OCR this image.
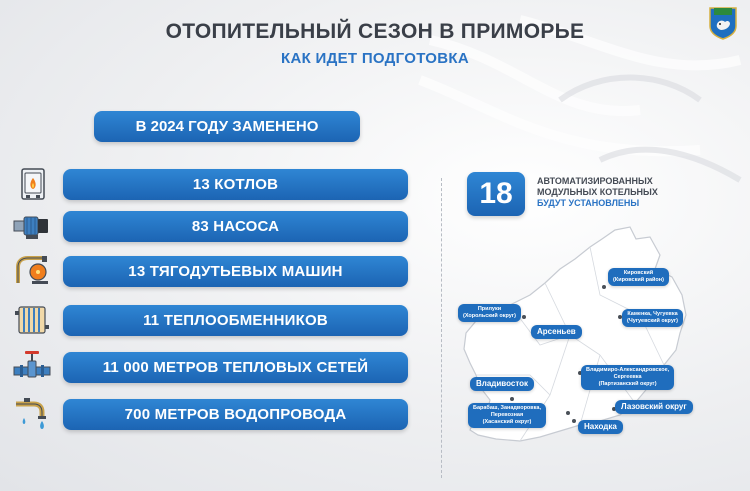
ОТОПИТЕЛЬНЫЙ СЕЗОН В ПРИМОРЬЕ
КАК ИДЕТ ПОДГОТОВКА
В 2024 ГОДУ ЗАМЕНЕНО
13 КОТЛОВ
83 НАСОСА
13 ТЯГОДУТЬЕВЫХ МАШИН
11 ТЕПЛООБМЕННИКОВ
11 000 МЕТРОВ ТЕПЛОВЫХ СЕТЕЙ
700 МЕТРОВ ВОДОПРОВОДА
18	АВТОМАТИЗИРОВАННЫХ
МОДУЛЬНЫХ КОТЕЛЬНЫХ
БУДУТ УСТАНОВЛЕНЫ
Кировский
(Кировский район)
Прилуки
(Хорольский округ)
Арсеньев
Каменка, Чугуевка
(Чугуевский округ)
Владимиро-Александровское,
Сергеевка
(Партизанский округ)
Владивосток
Лазовский округ
Барабаш, Занадворовка,
Перевозная
(Хасанский округ)	Находка
